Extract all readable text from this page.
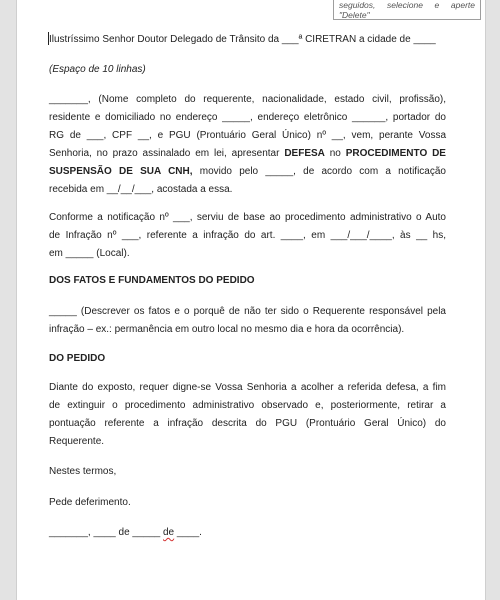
seguidos, selecione e aperte
"Delete"
Ilustríssimo Senhor Doutor Delegado de Trânsito da ___ª CIRETRAN a cidade de ____
(Espaço de 10 linhas)
_______, (Nome completo do requerente, nacionalidade, estado civil, profissão),
residente e domiciliado no endereço _____, endereço eletrônico ______, portador do
RG de ___, CPF __, e PGU (Prontuário Geral Único) nº __, vem, perante Vossa
Senhoria, no prazo assinalado em lei, apresentar DEFESA no PROCEDIMENTO DE
SUSPENSÃO DE SUA CNH, movido pelo _____, de acordo com a notificação
recebida em __/__/___, acostada a essa.
Conforme a notificação nº ___, serviu de base ao procedimento administrativo o Auto
de Infração nº ___, referente a infração do art. ____, em ___/___/____, às __ hs,
em _____ (Local).
DOS FATOS E FUNDAMENTOS DO PEDIDO
_____ (Descrever os fatos e o porquê de não ter sido o Requerente responsável pela
infração – ex.: permanência em outro local no mesmo dia e hora da ocorrência).
DO PEDIDO
Diante do exposto, requer digne-se Vossa Senhoria a acolher a referida defesa, a fim
de extinguir o procedimento administrativo observado e, posteriormente, retirar a
pontuação referente a infração descrita do PGU (Prontuário Geral Único) do
Requerente.
Nestes termos,
Pede deferimento.
_______, ____ de _____ de ____.
